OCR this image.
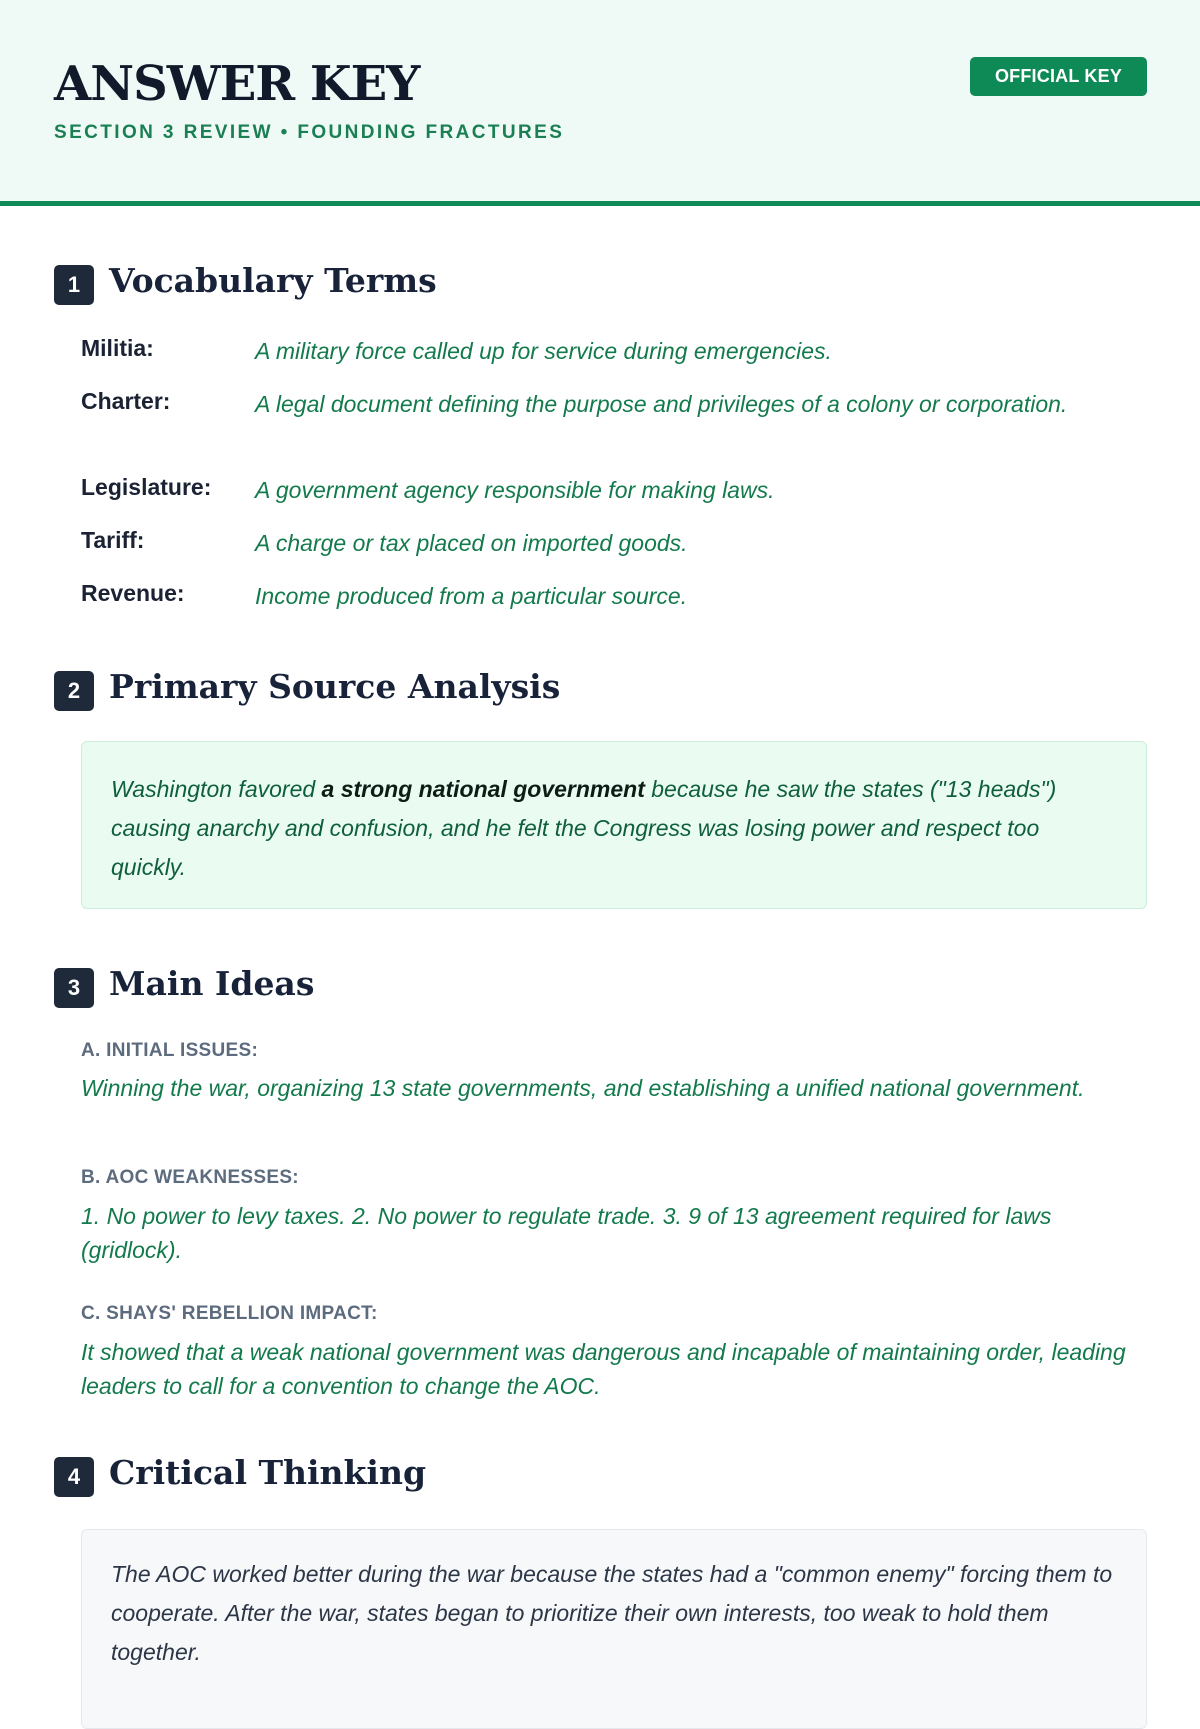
ANSWER KEY
SECTION 3 REVIEW • FOUNDING FRACTURES
OFFICIAL KEY
1 Vocabulary Terms
Militia:	A military force called up for service during emergencies.
Charter:	A legal document defining the purpose and privileges of a colony or corporation.
Legislature: A government agency responsible for making laws.
Tariff:	A charge or tax placed on imported goods.
Revenue:	Income produced from a particular source.
2 Primary Source Analysis
Washington favored a strong national government because he saw the states ("13 heads") causing anarchy and confusion, and he felt the Congress was losing power and respect too quickly.
3 Main Ideas
A. INITIAL ISSUES:
Winning the war, organizing 13 state governments, and establishing a unified national government.
B. AOC WEAKNESSES:
1. No power to levy taxes. 2. No power to regulate trade. 3. 9 of 13 agreement required for laws (gridlock).
C. SHAYS' REBELLION IMPACT:
It showed that a weak national government was dangerous and incapable of maintaining order, leading leaders to call for a convention to change the AOC.
4 Critical Thinking
The AOC worked better during the war because the states had a "common enemy" forcing them to cooperate. After the war, states began to prioritize their own interests, too weak to hold them together.
